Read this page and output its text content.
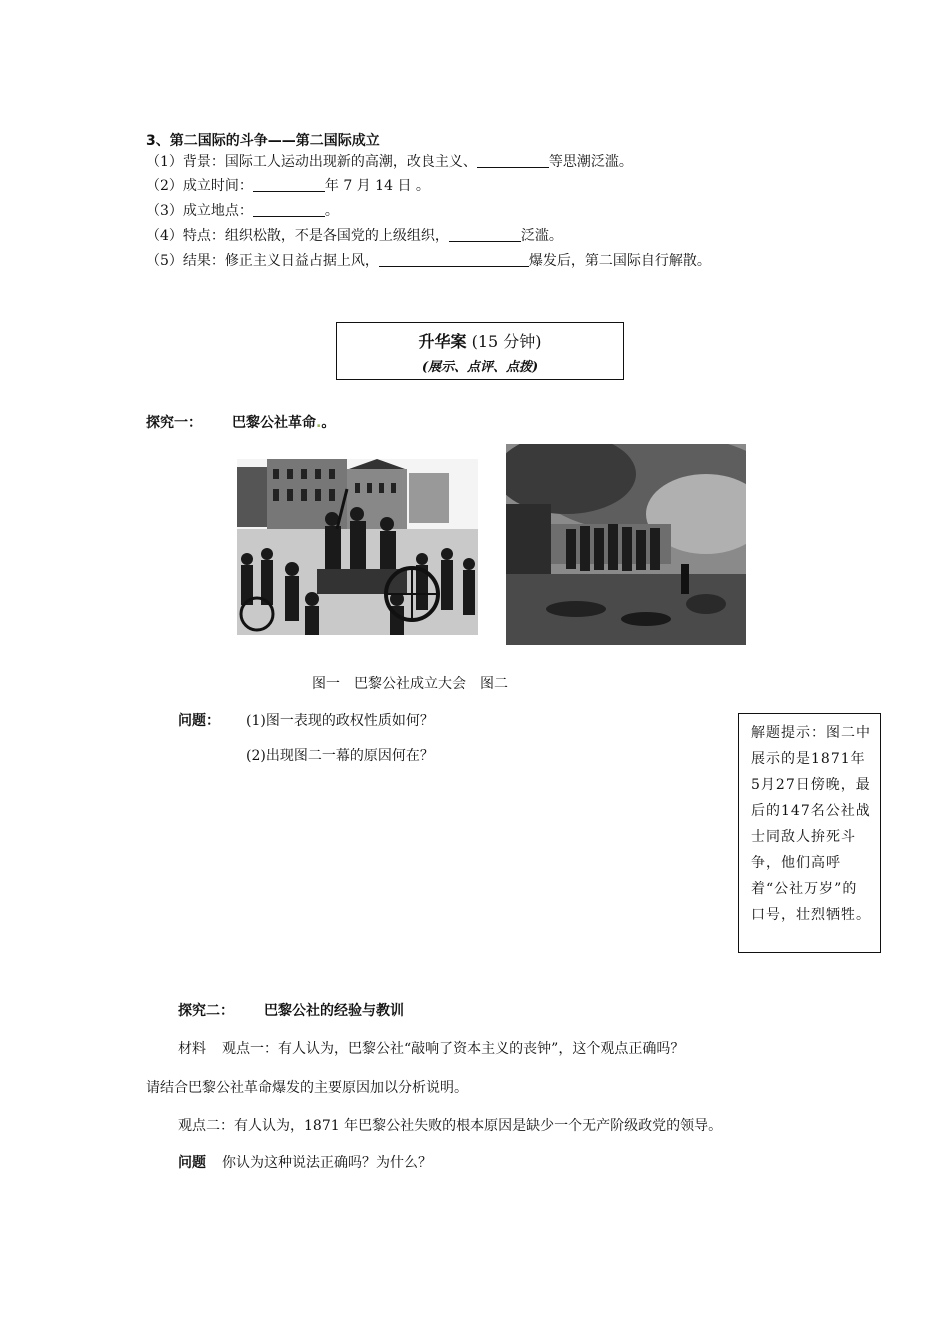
3、第二国际的斗争——第二国际成立
（1）背景：国际工人运动出现新的高潮，改良主义、	等思潮泛滥。
（2）成立时间：	年 7 月 14 日 。
（3）成立地点：	。
（4）特点：组织松散，不是各国党的上级组织，	泛滥。
（5）结果：修正主义日益占据上风，	爆发后，第二国际自行解散。
升华案 (15 分钟)
(展示、点评、点拨)
探究一： 巴黎公社革命.。
图一　巴黎公社成立大会　图二
问题： (1)图一表现的政权性质如何？
(2)出现图二一幕的原因何在？
解题提示：图二中展示的是1871年5月27日傍晚，最后的147名公社战士同敌人拚死斗争，他们高呼着“公社万岁”的口号，壮烈牺牲。
探究二： 巴黎公社的经验与教训
材料 观点一：有人认为，巴黎公社“敲响了资本主义的丧钟”，这个观点正确吗？
请结合巴黎公社革命爆发的主要原因加以分析说明。
观点二：有人认为，1871 年巴黎公社失败的根本原因是缺少一个无产阶级政党的领导。
问题 你认为这种说法正确吗？为什么？
